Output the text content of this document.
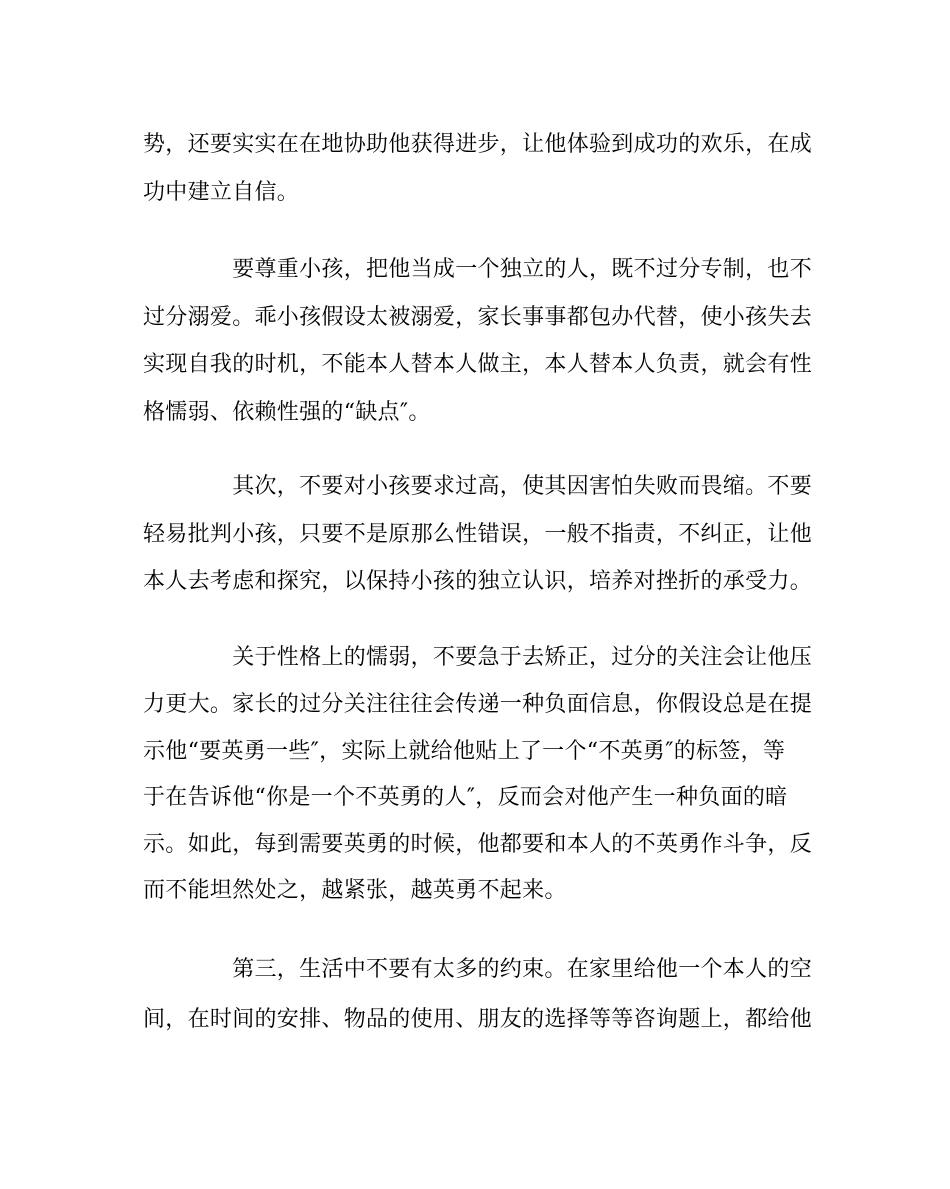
势，还要实实在在地协助他获得进步，让他体验到成功的欢乐，在成

功中建立自信。

　　　　要尊重小孩，把他当成一个独立的人，既不过分专制，也不

过分溺爱。乖小孩假设太被溺爱，家长事事都包办代替，使小孩失去

实现自我的时机，不能本人替本人做主，本人替本人负责，就会有性

格懦弱、依赖性强的“缺点″。

　　　　其次，不要对小孩要求过高，使其因害怕失败而畏缩。不要

轻易批判小孩，只要不是原那么性错误，一般不指责，不纠正，让他

本人去考虑和探究，以保持小孩的独立认识，培养对挫折的承受力。

　　　　关于性格上的懦弱，不要急于去矫正，过分的关注会让他压

力更大。家长的过分关注往往会传递一种负面信息，你假设总是在提

示他“要英勇一些″，实际上就给他贴上了一个“不英勇″的标签，等

于在告诉他“你是一个不英勇的人″，反而会对他产生一种负面的暗

示。如此，每到需要英勇的时候，他都要和本人的不英勇作斗争，反

而不能坦然处之，越紧张，越英勇不起来。

　　　　第三，生活中不要有太多的约束。在家里给他一个本人的空

间，在时间的安排、物品的使用、朋友的选择等等咨询题上，都给他
